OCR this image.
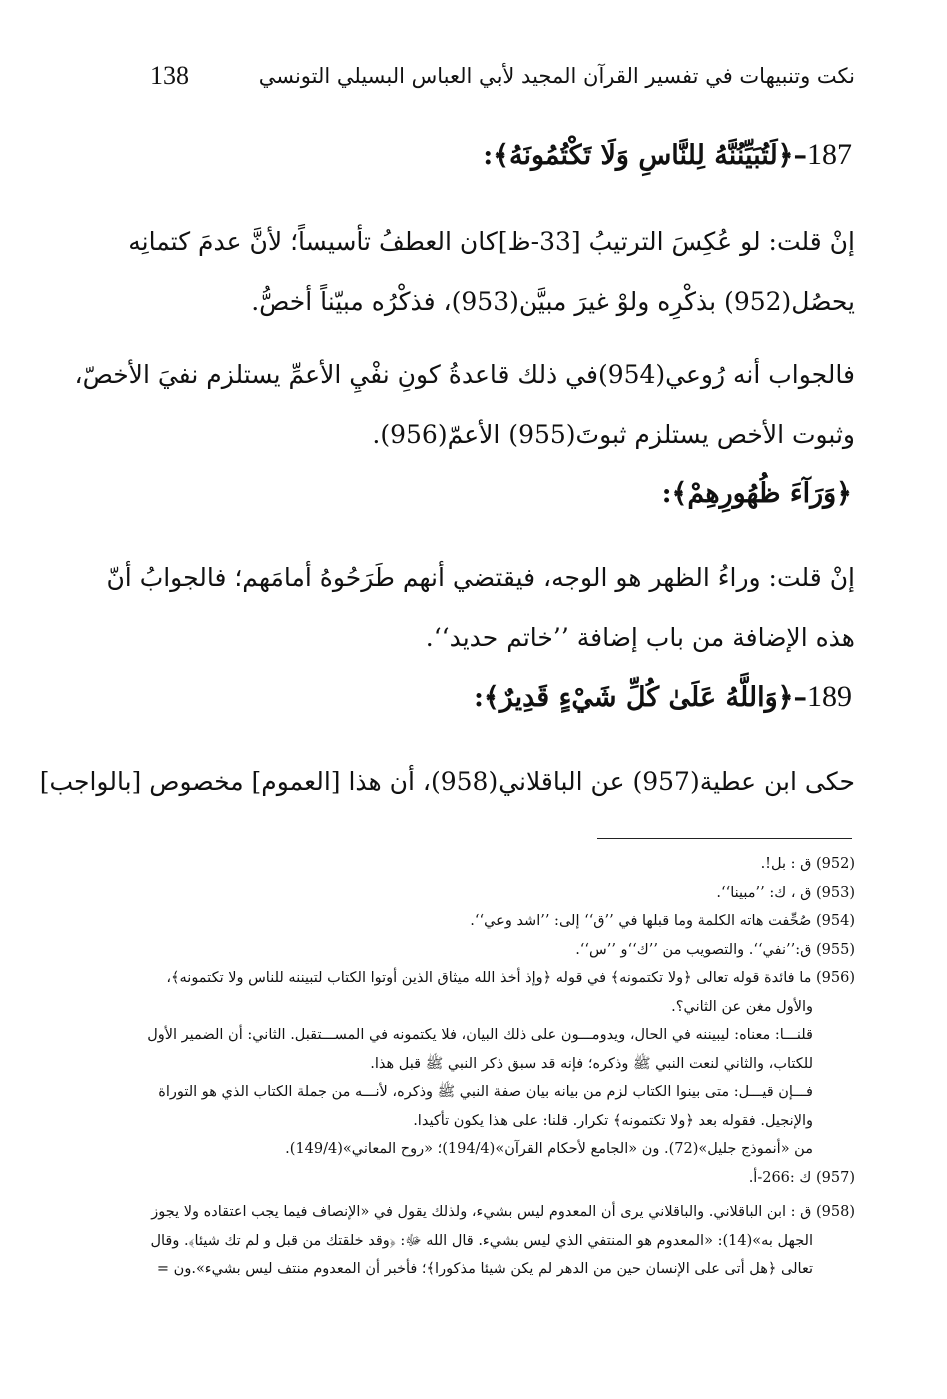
138	نكت وتنبيهات في تفسير القرآن المجيد لأبي العباس البسيلي التونسي
187–﴿لَتُبَيِّنُنَّهُ لِلنَّاسِ وَلَا تَكْتُمُونَهُ﴾:
إنْ قلت: لو عُكِسَ الترتيبُ [33-ظ]كان العطفُ تأسيساً؛ لأنَّ عدمَ كتمانِه
يحصُل(952) بذكْرِه ولوْ غيرَ مبيَّن(953)، فذكْرُه مبيّناً أخصُّ.
فالجواب أنه رُوعي(954)في ذلك قاعدةُ كونِ نفْيِ الأعمِّ يستلزم نفيَ الأخصّ،
وثبوت الأخص يستلزم ثبوتَ(955) الأعمّ(956).
﴿وَرَآءَ ظُهُورِهِمْ﴾:
إنْ قلت: وراءُ الظهر هو الوجه، فيقتضي أنهم طَرَحُوهُ أمامَهم؛ فالجوابُ أنّ
هذه الإضافة من باب إضافة ’’خاتم حديد‘‘.
189–﴿وَاللَّهُ عَلَىٰ كُلِّ شَيْءٍ قَدِيرٌ﴾:
حكى ابن عطية(957) عن الباقلاني(958)، أن هذا [العموم] مخصوص [بالواجب]

(952) ق : بل!.

(953) ق ، ك: ’’مبينا‘‘.

(954) صُحِّفت هاته الكلمة وما قبلها في ’’ق‘‘ إلى: ’’اشد وعي‘‘.

(955) ق:’’نفي‘‘. والتصويب من ’’ك‘‘و ’’س‘‘.

(956) ما فائدة قوله تعالى ﴿ولا تكتمونه﴾ في قوله ﴿وإذ أخذ الله ميثاق الذين أوتوا الكتاب لتبيننه للناس ولا تكتمونه﴾،

والأول مغن عن الثاني؟.

قلنـــا: معناه: ليبيننه في الحال، ويدومـــون على ذلك البيان، فلا يكتمونه في المســـتقبل. الثاني: أن الضمير الأول

للكتاب، والثاني لنعت النبي ﷺ وذكره؛ فإنه قد سبق ذكر النبي ﷺ قبل هذا.

فـــإن قيـــل: متى بينوا الكتاب لزم من بيانه بيان صفة النبي ﷺ وذكره، لأنـــه من جملة الكتاب الذي هو التوراة

والإنجيل. فقوله بعد ﴿ولا تكتمونه﴾ تكرار. قلنا: على هذا يكون تأكيدا.

من «أنموذج جليل»(72). ون «الجامع لأحكام القرآن»(194/4)؛ «روح المعاني»(149/4).

(957) ك :266-أ.

(958) ق : ابن الباقلاني. والباقلاني يرى أن المعدوم ليس بشيء، ولذلك يقول في «الإنصاف فيما يجب اعتقاده ولا يجوز

الجهل به»(14): «المعدوم هو المنتفي الذي ليس بشيء. قال الله ﷻ: ﴿وقد خلقتك من قبل و لم تك شيئا﴾. وقال

تعالى ﴿هل أتى على الإنسان حين من الدهر لم يكن شيئا مذكورا﴾؛ فأخبر أن المعدوم منتف ليس بشيء».ون =
